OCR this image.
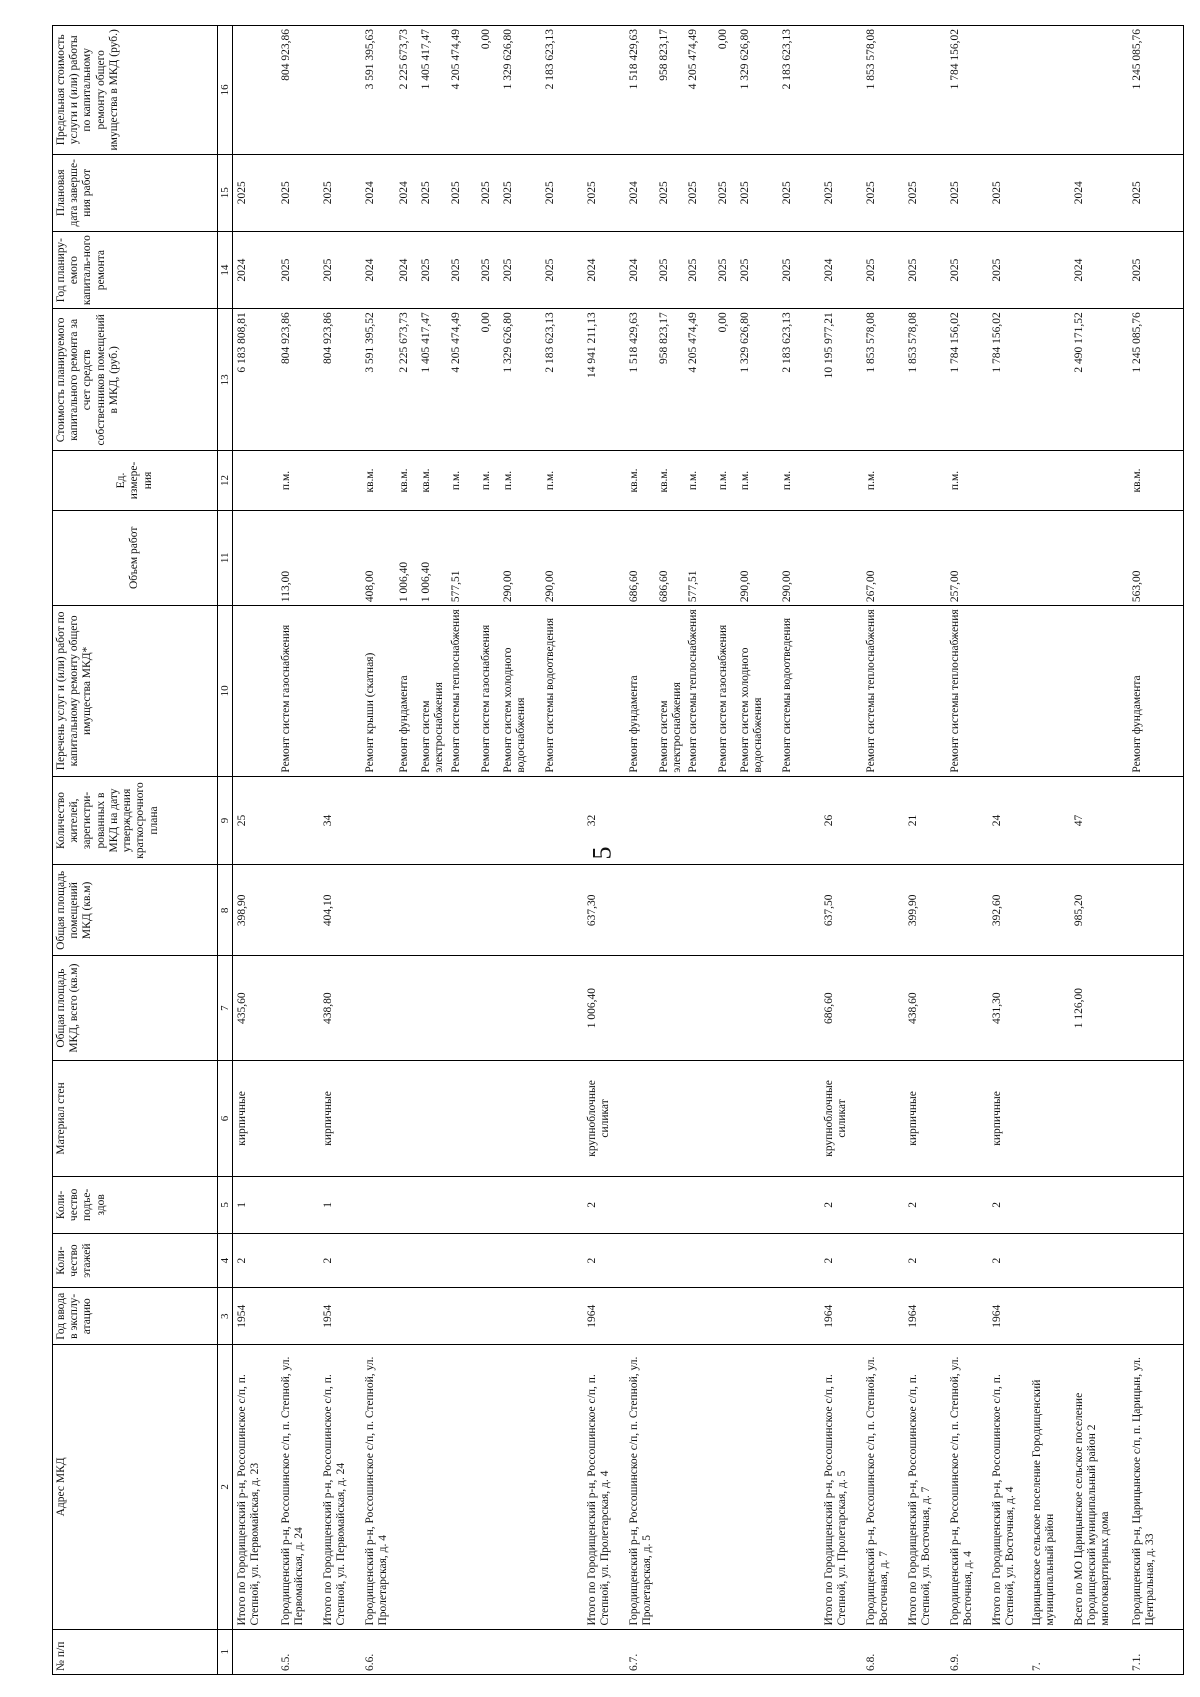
5
№ п/п	Адрес МКД	Год ввода в эксплу-атацию	Коли-чество этажей	Коли-чество подъе-здов	Материал стен	Общая площадь МКД, всего (кв.м)	Общая площадь помещений МКД (кв.м)	Количество жителей, зарегистри-рованных в МКД на дату утверждения краткосрочного плана	Перечень услуг и (или) работ по капитальному ремонту общего имущества МКД*	Объем работ	Ед. измере-ния	Стоимость планируемого капитального ремонта за счет средств собственников помещений в МКД, (руб.)	Год планиру-емого капиталь-ного ремонта	Плановая дата заверше-ния работ	Предельная стоимость услуги и (или) работы по капитальному ремонту общего имущества в МКД (руб.)
1	2	3	4	5	6	7	8	9	10	11	12	13	14	15	16
	Итого по Городищенский р-н, Россошинское с/п, п. Степной, ул. Первомайская, д. 23	1954	2	1	кирпичные	435,60	398,90	25				6 183 808,81	2024	2025	
6.5.	Городищенский р-н, Россошинское с/п, п. Степной, ул. Первомайская, д. 24								Ремонт систем газоснабжения	113,00	п.м.	804 923,86	2025	2025	804 923,86
	Итого по Городищенский р-н, Россошинское с/п, п. Степной, ул. Первомайская, д. 24	1954	2	1	кирпичные	438,80	404,10	34				804 923,86	2025	2025	
6.6.	Городищенский р-н, Россошинское с/п, п. Степной, ул. Пролетарская, д. 4								Ремонт крыши (скатная)	408,00	кв.м.	3 591 395,52	2024	2024	3 591 395,63
									Ремонт фундамента	1 006,40	кв.м.	2 225 673,73	2024	2024	2 225 673,73
									Ремонт систем электроснабжения	1 006,40	кв.м.	1 405 417,47	2025	2025	1 405 417,47
									Ремонт системы теплоснабжения	577,51	п.м.	4 205 474,49	2025	2025	4 205 474,49
									Ремонт систем газоснабжения		п.м.	0,00	2025	2025	0,00
									Ремонт систем холодного водоснабжения	290,00	п.м.	1 329 626,80	2025	2025	1 329 626,80
									Ремонт системы водоотведения	290,00	п.м.	2 183 623,13	2025	2025	2 183 623,13
	Итого по Городищенский р-н, Россошинское с/п, п. Степной, ул. Пролетарская, д. 4	1964	2	2	крупноблочные силикат	1 006,40	637,30	32				14 941 211,13	2024	2025	
6.7.	Городищенский р-н, Россошинское с/п, п. Степной, ул. Пролетарская, д. 5								Ремонт фундамента	686,60	кв.м.	1 518 429,63	2024	2024	1 518 429,63
									Ремонт систем электроснабжения	686,60	кв.м.	958 823,17	2025	2025	958 823,17
									Ремонт системы теплоснабжения	577,51	п.м.	4 205 474,49	2025	2025	4 205 474,49
									Ремонт систем газоснабжения		п.м.	0,00	2025	2025	0,00
									Ремонт систем холодного водоснабжения	290,00	п.м.	1 329 626,80	2025	2025	1 329 626,80
									Ремонт системы водоотведения	290,00	п.м.	2 183 623,13	2025	2025	2 183 623,13
	Итого по Городищенский р-н, Россошинское с/п, п. Степной, ул. Пролетарская, д. 5	1964	2	2	крупноблочные силикат	686,60	637,50	26				10 195 977,21	2024	2025	
6.8.	Городищенский р-н, Россошинское с/п, п. Степной, ул. Восточная, д. 7								Ремонт системы теплоснабжения	267,00	п.м.	1 853 578,08	2025	2025	1 853 578,08
	Итого по Городищенский р-н, Россошинское с/п, п. Степной, ул. Восточная, д. 7	1964	2	2	кирпичные	438,60	399,90	21				1 853 578,08	2025	2025	
6.9.	Городищенский р-н, Россошинское с/п, п. Степной, ул. Восточная, д. 4								Ремонт системы теплоснабжения	257,00	п.м.	1 784 156,02	2025	2025	1 784 156,02
	Итого по Городищенский р-н, Россошинское с/п, п. Степной, ул. Восточная, д. 4	1964	2	2	кирпичные	431,30	392,60	24				1 784 156,02	2025	2025	
7.	Царицынское сельское поселение Городищенский муниципальный район														
	Всего по МО Царицынское сельское поселение Городищенский муниципальный район 2 многоквартирных дома					1 126,00	985,20	47				2 490 171,52	2024	2024	
7.1.	Городищенский р-н, Царицынское с/п, п. Царицын, ул. Центральная, д. 33								Ремонт фундамента	563,00	кв.м.	1 245 085,76	2025	2025	1 245 085,76
